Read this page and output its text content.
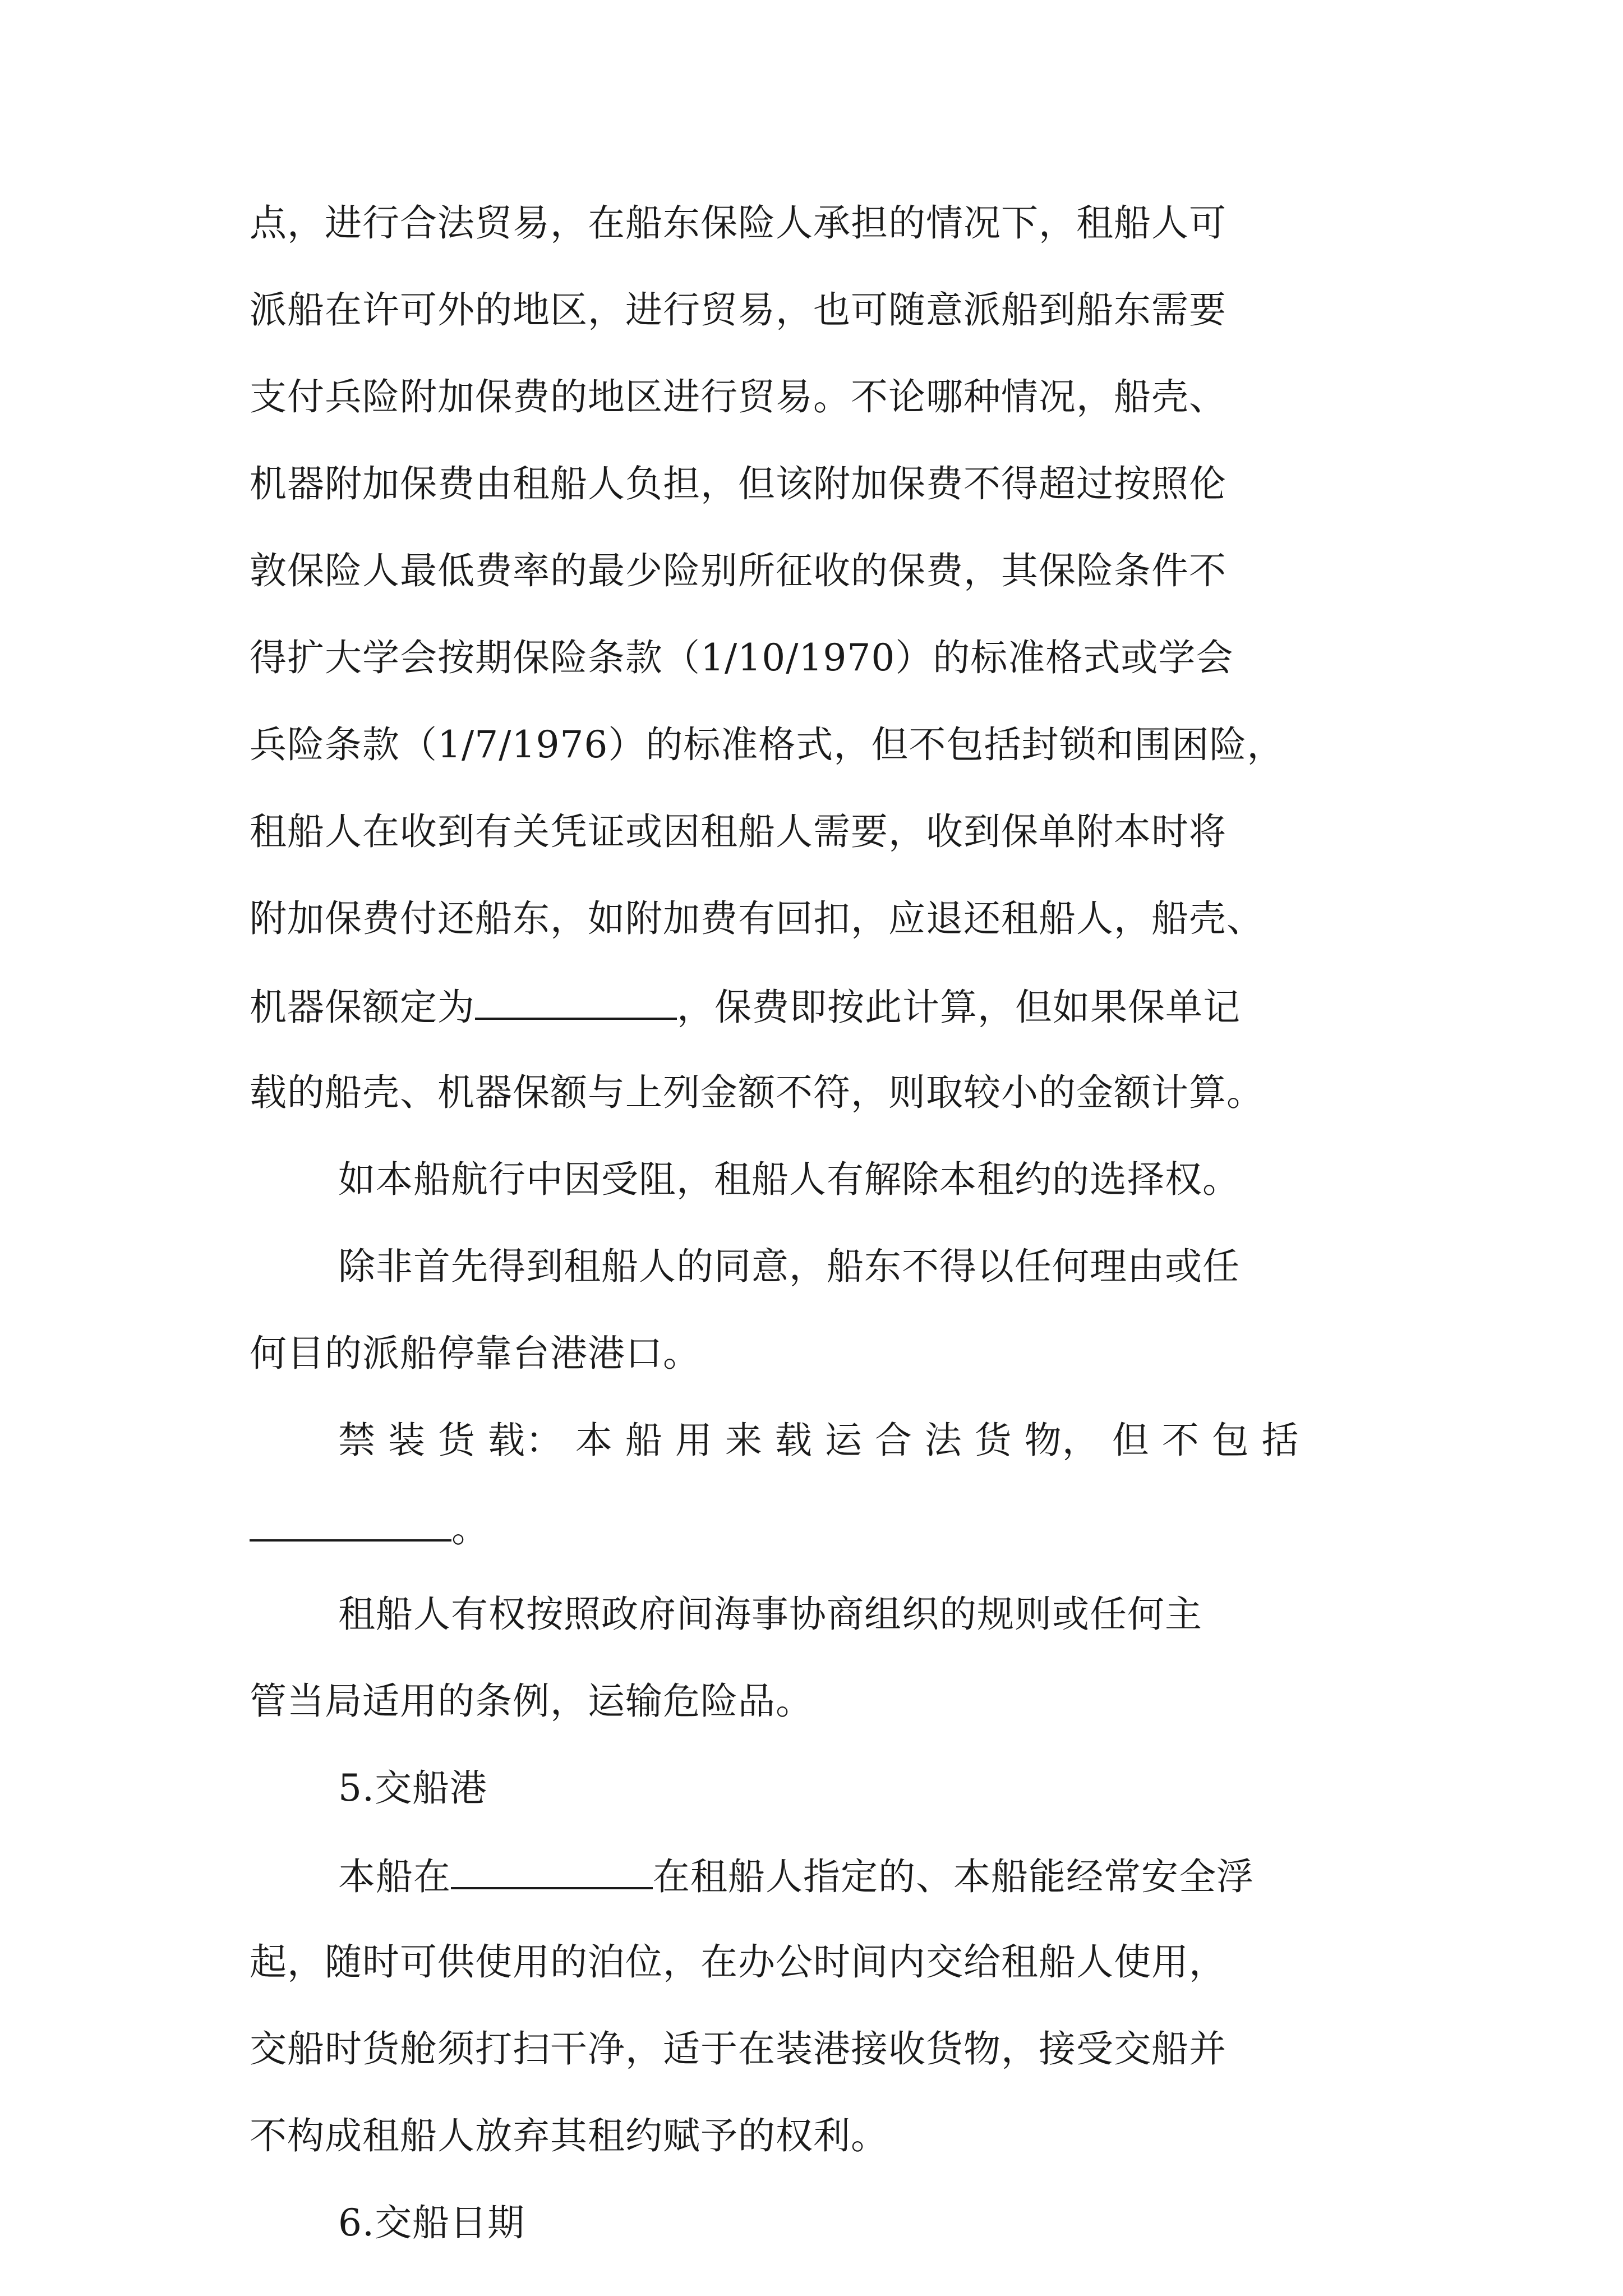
点，进行合法贸易，在船东保险人承担的情况下，租船人可
派船在许可外的地区，进行贸易，也可随意派船到船东需要
支付兵险附加保费的地区进行贸易。不论哪种情况，船壳、
机器附加保费由租船人负担，但该附加保费不得超过按照伦
敦保险人最低费率的最少险别所征收的保费，其保险条件不
得扩大学会按期保险条款（1/10/1970）的标准格式或学会
兵险条款（1/7/1976）的标准格式，但不包括封锁和围困险，
租船人在收到有关凭证或因租船人需要，收到保单附本时将
附加保费付还船东，如附加费有回扣，应退还租船人，船壳、
机器保额定为	，保费即按此计算，但如果保单记
载的船壳、机器保额与上列金额不符，则取较小的金额计算。
如本船航行中因受阻，租船人有解除本租约的选择权。
除非首先得到租船人的同意，船东不得以任何理由或任
何目的派船停靠台港港口。
禁 装 货 载： 本 船 用 来 载 运 合 法 货 物， 但 不 包 括
。
租船人有权按照政府间海事协商组织的规则或任何主
管当局适用的条例，运输危险品。
5.交船港
本船在	在租船人指定的、本船能经常安全浮
起，随时可供使用的泊位，在办公时间内交给租船人使用，
交船时货舱须打扫干净，适于在装港接收货物，接受交船并
不构成租船人放弃其租约赋予的权利。
6.交船日期
